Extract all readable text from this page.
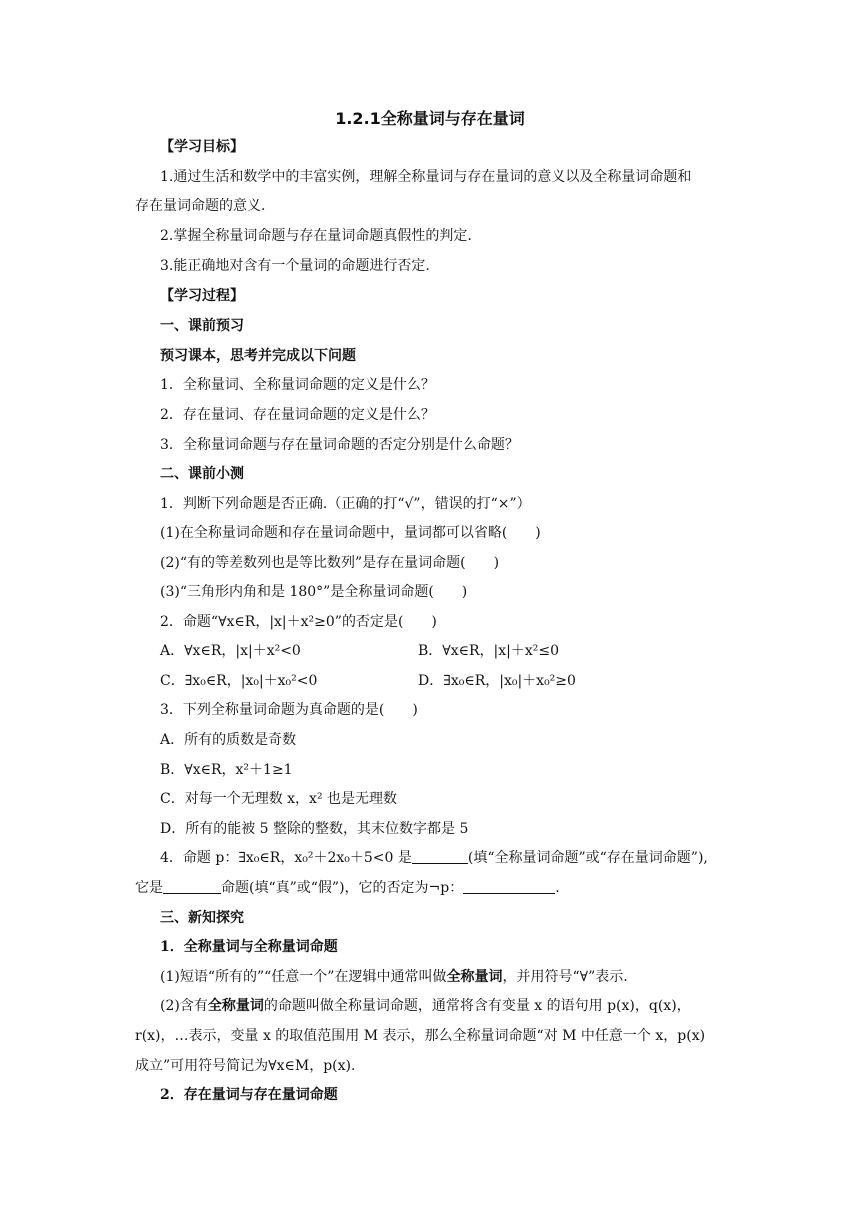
1.2.1全称量词与存在量词
【学习目标】
1.通过生活和数学中的丰富实例，理解全称量词与存在量词的意义以及全称量词命题和
存在量词命题的意义.
2.掌握全称量词命题与存在量词命题真假性的判定.
3.能正确地对含有一个量词的命题进行否定.
【学习过程】
一、课前预习
预习课本，思考并完成以下问题
1．全称量词、全称量词命题的定义是什么？
2．存在量词、存在量词命题的定义是什么？
3．全称量词命题与存在量词命题的否定分别是什么命题？
二、课前小测
1．判断下列命题是否正确.（正确的打“√”，错误的打“×”）
(1)在全称量词命题和存在量词命题中，量词都可以省略(　　)
(2)“有的等差数列也是等比数列”是存在量词命题(　　)
(3)“三角形内角和是 180°”是全称量词命题(　　)
2．命题“∀x∈R，|x|＋x²≥0”的否定是(　　)
A．∀x∈R，|x|＋x²<0	B．∀x∈R，|x|＋x²≤0
C．∃x₀∈R，|x₀|＋x₀²<0	D．∃x₀∈R，|x₀|＋x₀²≥0
3．下列全称量词命题为真命题的是(　　)
A．所有的质数是奇数
B．∀x∈R，x²＋1≥1
C．对每一个无理数 x，x² 也是无理数
D．所有的能被 5 整除的整数，其末位数字都是 5
4．命题 p：∃x₀∈R，x₀²＋2x₀＋5<0 是	(填“全称量词命题”或“存在量词命题”),
它是	命题(填“真”或“假”)，它的否定为¬p：	.
三、新知探究
1．全称量词与全称量词命题
(1)短语“所有的”“任意一个”在逻辑中通常叫做全称量词，并用符号“∀”表示.
(2)含有全称量词的命题叫做全称量词命题，通常将含有变量 x 的语句用 p(x)，q(x)，
r(x)，…表示，变量 x 的取值范围用 M 表示，那么全称量词命题“对 M 中任意一个 x，p(x)
成立”可用符号简记为∀x∈M，p(x).
2．存在量词与存在量词命题
